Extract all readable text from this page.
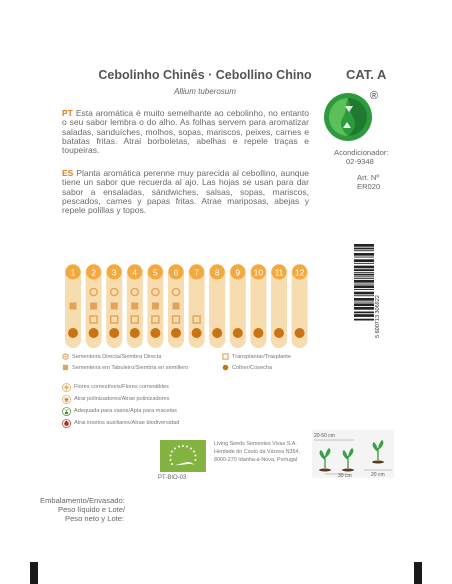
Cebolinho Chinês · Cebollino Chino
Allium tuberosum
CAT. A
®
Acondicionador:
02-9348
Art. Nº
ER020
PT Esta aromática é muito semelhante ao cebolinho, no entanto o seu sabor lembra o do alho. As folhas servem para aromatizar saladas, sanduíches, molhos, sopas, mariscos, peixes, carnes e batatas fritas. Atrai borboletas, abelhas e repele traças e toupeiras.
ES Planta aromática perenne muy parecida al cebollino, aunque tiene un sabor que recuerda al ajo. Las hojas se usan para dar sabor a ensaladas, sándwiches, salsas, sopas, mariscos, pescados, carnes y papas fritas. Atrae mariposas, abejas y repele polillas y topos.
1 2 3 4 5 6 7 8 9 10 11 12
Sementeira Directa/Siembra Directa	Transplantar/Trasplante
Sementeira em Tabuleiro/Siembra en semillero	Colher/Cosecha
Flores comestíveis/Flores comestibles
Atrai polinizadores/Atrae polinizadores
Adequada para vasos/Apta para macetas
Atrai insetos auxiliares/Atrae biodiversidad
PT-BIO-03
Living Seeds Sementes Vivas S.A.
Herdade do Couto da Várzea N354,
8060-270 Idanha-a-Nova, Portugal
20-50 cm
30 cm	20 cm
5 600713 306922
Embalamento/Envasado:
Peso líquido e Lote/
Peso neto y Lote:
